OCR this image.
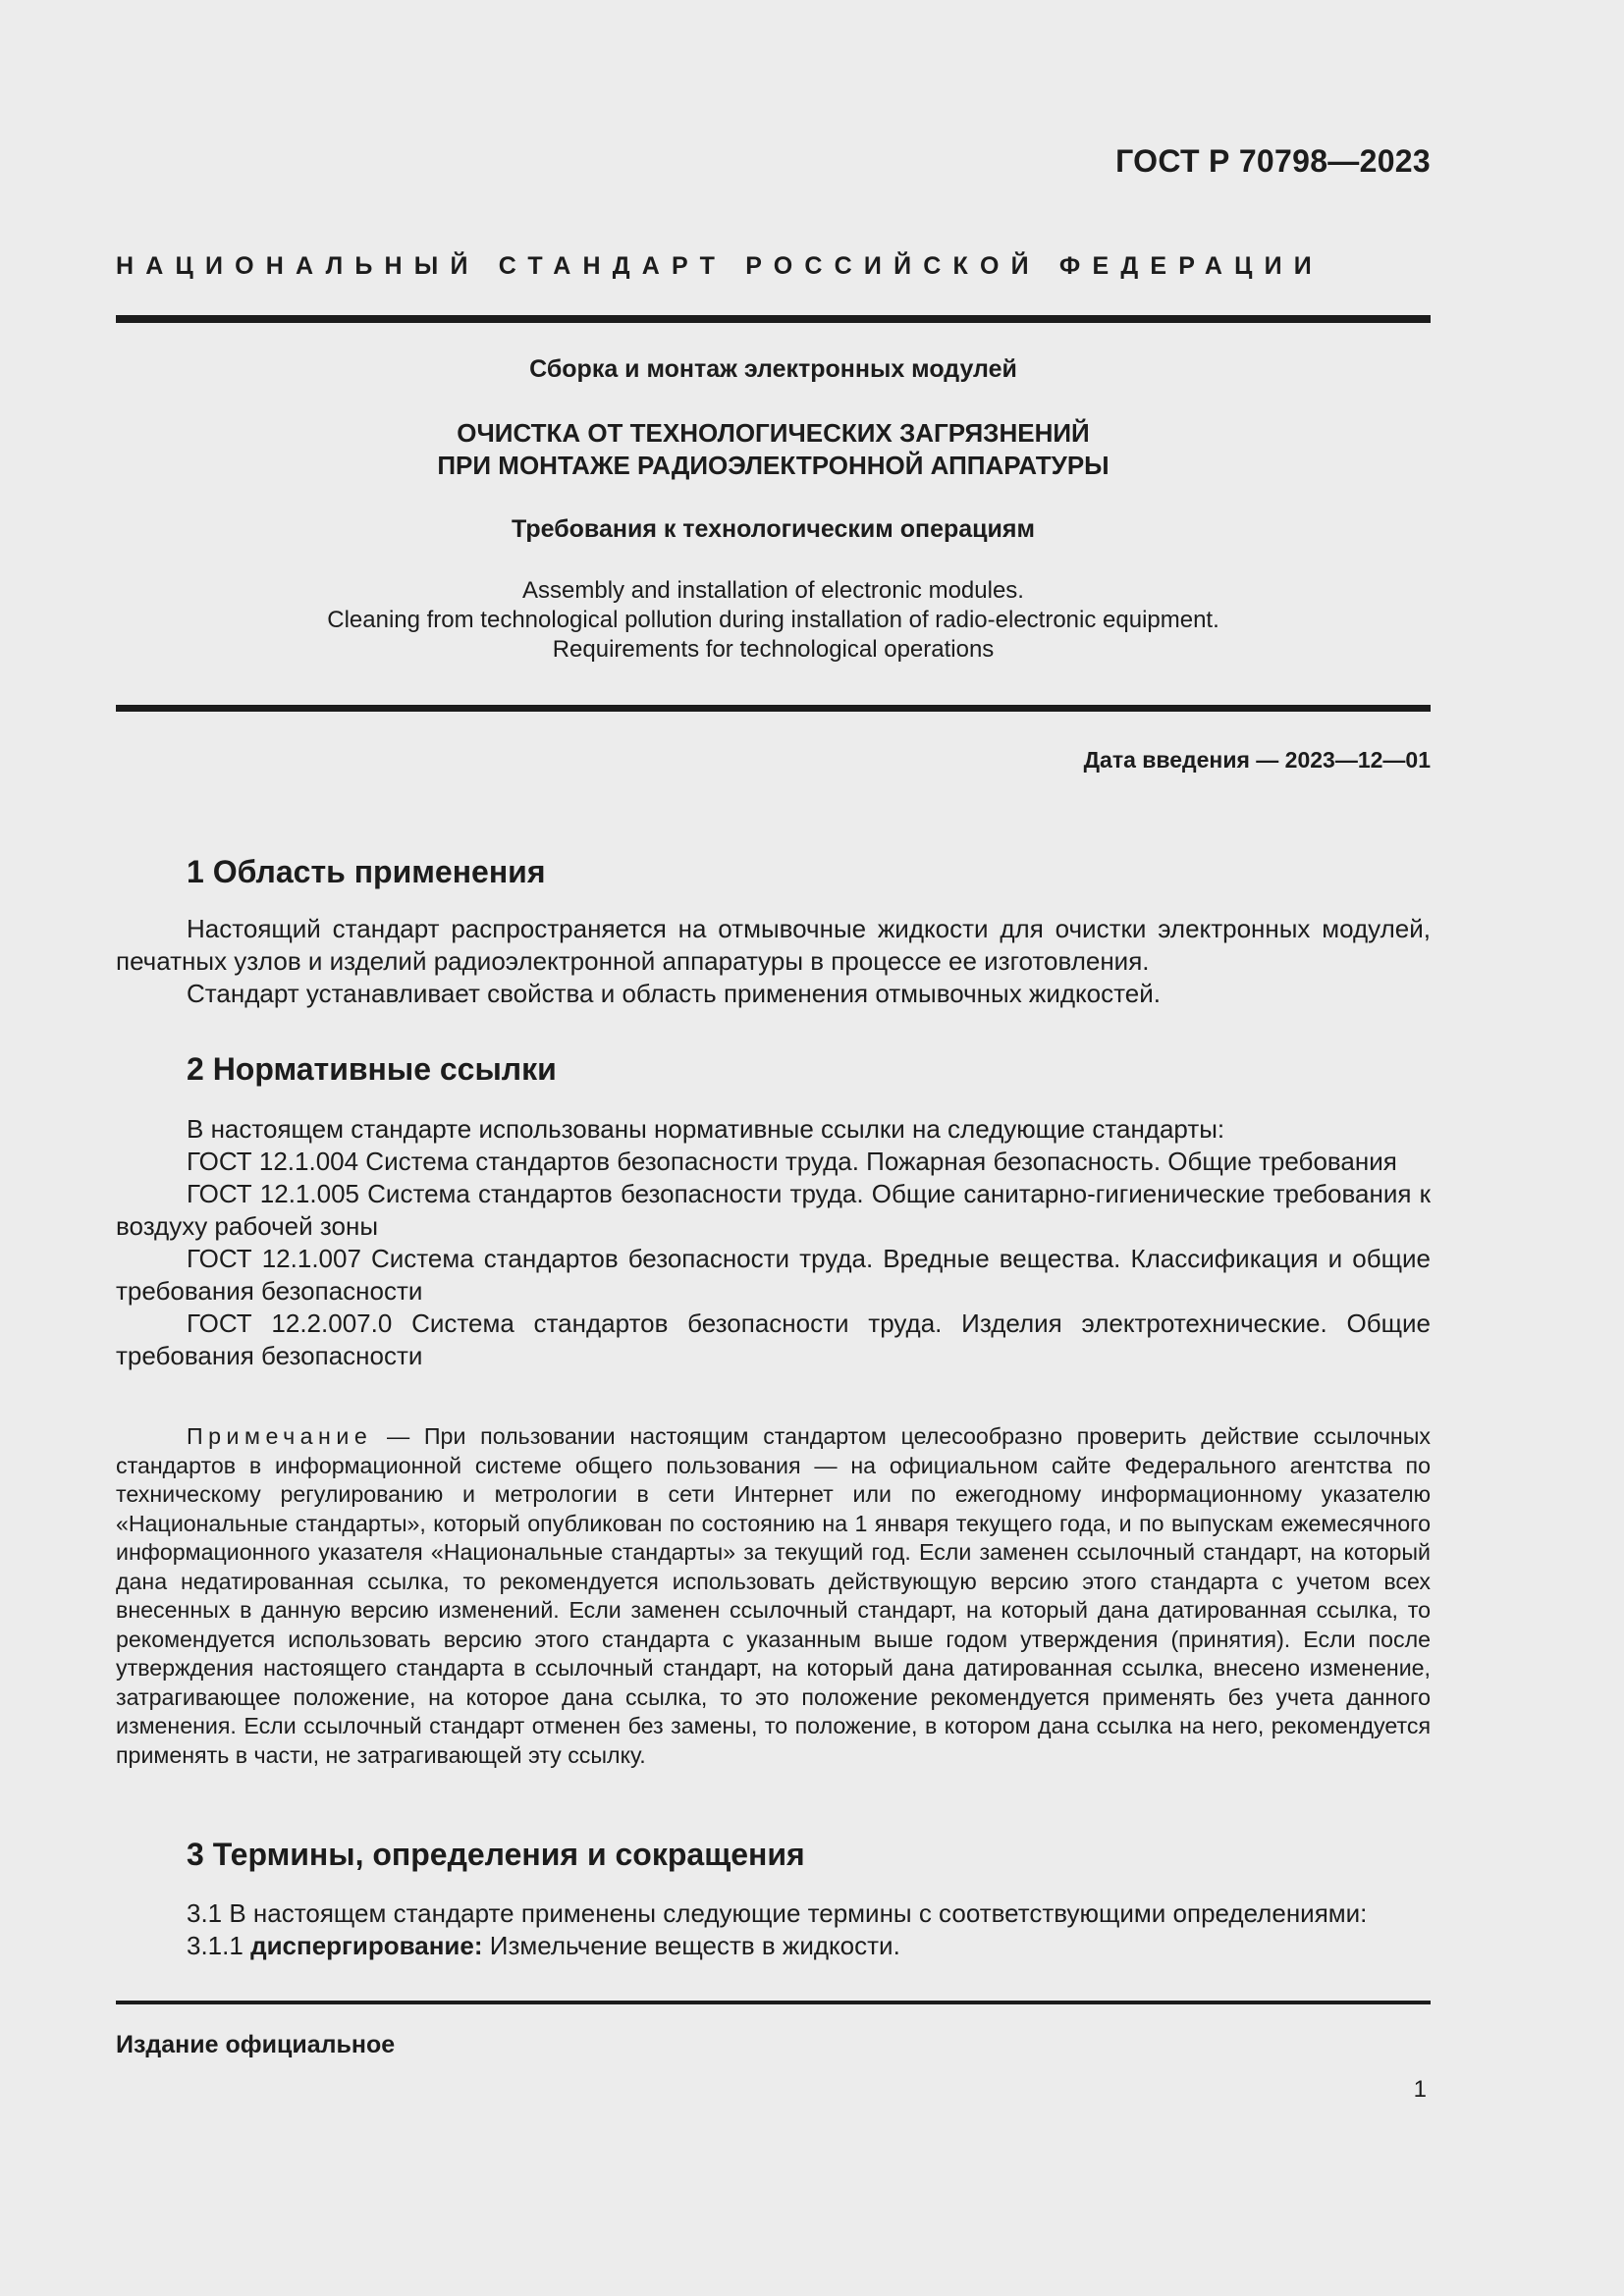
ГОСТ Р 70798—2023
НАЦИОНАЛЬНЫЙ СТАНДАРТ РОССИЙСКОЙ ФЕДЕРАЦИИ
Сборка и монтаж электронных модулей
ОЧИСТКА ОТ ТЕХНОЛОГИЧЕСКИХ ЗАГРЯЗНЕНИЙ
ПРИ МОНТАЖЕ РАДИОЭЛЕКТРОННОЙ АППАРАТУРЫ
Требования к технологическим операциям
Assembly and installation of electronic modules.
Cleaning from technological pollution during installation of radio-electronic equipment.
Requirements for technological operations
Дата введения — 2023—12—01
1 Область применения

Настоящий стандарт распространяется на отмывочные жидкости для очистки электронных модулей, печатных узлов и изделий радиоэлектронной аппаратуры в процессе ее изготовления.

Стандарт устанавливает свойства и область применения отмывочных жидкостей.

2 Нормативные ссылки

В настоящем стандарте использованы нормативные ссылки на следующие стандарты:

ГОСТ 12.1.004 Система стандартов безопасности труда. Пожарная безопасность. Общие требования

ГОСТ 12.1.005 Система стандартов безопасности труда. Общие санитарно-гигиенические требования к воздуху рабочей зоны

ГОСТ 12.1.007 Система стандартов безопасности труда. Вредные вещества. Классификация и общие требования безопасности

ГОСТ 12.2.007.0 Система стандартов безопасности труда. Изделия электротехнические. Общие требования безопасности

Примечание — При пользовании настоящим стандартом целесообразно проверить действие ссылочных стандартов в информационной системе общего пользования — на официальном сайте Федерального агентства по техническому регулированию и метрологии в сети Интернет или по ежегодному информационному указателю «Национальные стандарты», который опубликован по состоянию на 1 января текущего года, и по выпускам ежемесячного информационного указателя «Национальные стандарты» за текущий год. Если заменен ссылочный стандарт, на который дана недатированная ссылка, то рекомендуется использовать действующую версию этого стандарта с учетом всех внесенных в данную версию изменений. Если заменен ссылочный стандарт, на который дана датированная ссылка, то рекомендуется использовать версию этого стандарта с указанным выше годом утверждения (принятия). Если после утверждения настоящего стандарта в ссылочный стандарт, на который дана датированная ссылка, внесено изменение, затрагивающее положение, на которое дана ссылка, то это положение рекомендуется применять без учета данного изменения. Если ссылочный стандарт отменен без замены, то положение, в котором дана ссылка на него, рекомендуется применять в части, не затрагивающей эту ссылку.

3 Термины, определения и сокращения

3.1 В настоящем стандарте применены следующие термины с соответствующими определениями:

3.1.1 диспергирование: Измельчение веществ в жидкости.

Издание официальное
1
